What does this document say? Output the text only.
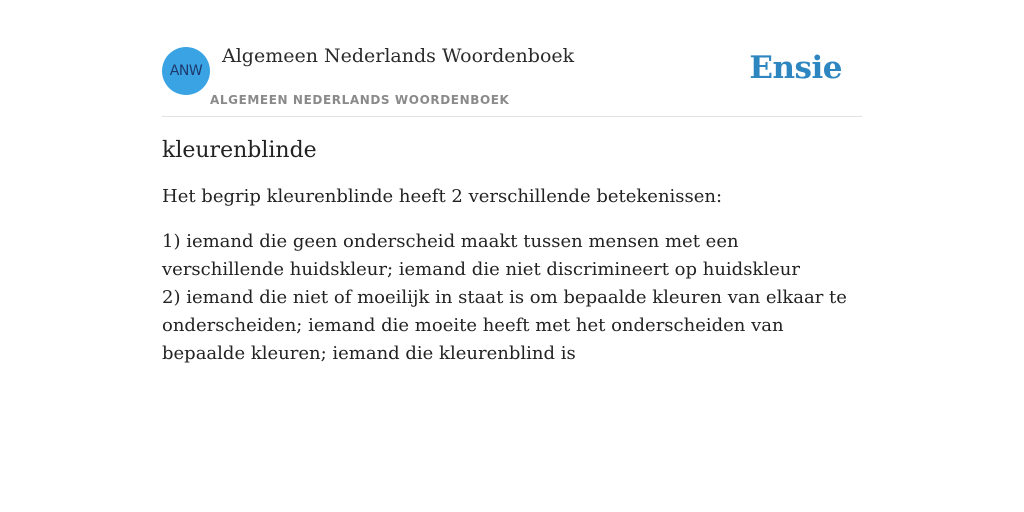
ANW
Algemeen Nederlands Woordenboek
ALGEMEEN NEDERLANDS WOORDENBOEK
Ensie
kleurenblinde

Het begrip kleurenblinde heeft 2 verschillende betekenissen:

1) iemand die geen onderscheid maakt tussen mensen met een verschillende huidskleur; iemand die niet discrimineert op huidskleur
2) iemand die niet of moeilijk in staat is om bepaalde kleuren van elkaar te onderscheiden; iemand die moeite heeft met het onderscheiden van bepaalde kleuren; iemand die kleurenblind is
